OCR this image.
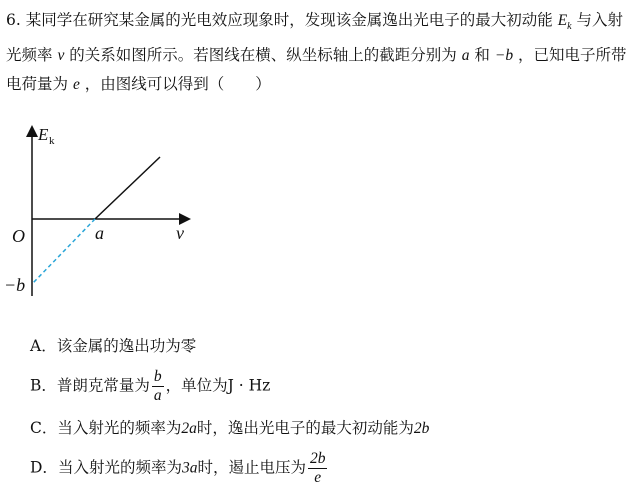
6. 某同学在研究某金属的光电效应现象时，发现该金属逸出光电子的最大初动能 $E_k$ 与入射
光频率 ν 的关系如图所示。若图线在横、纵坐标轴上的截距分别为 a 和 −b ，已知电子所带
电荷量为 e ，由图线可以得到（　　）
E k
v
O	a
−b
A．该金属的逸出功为零
B．普朗克常量为 $\frac{b}{a}$ ，单位为J · Hz
C．当入射光的频率为2a时，逸出光电子的最大初动能为2b
D．当入射光的频率为3a时，遏止电压为 $\frac{2b}{e}$
